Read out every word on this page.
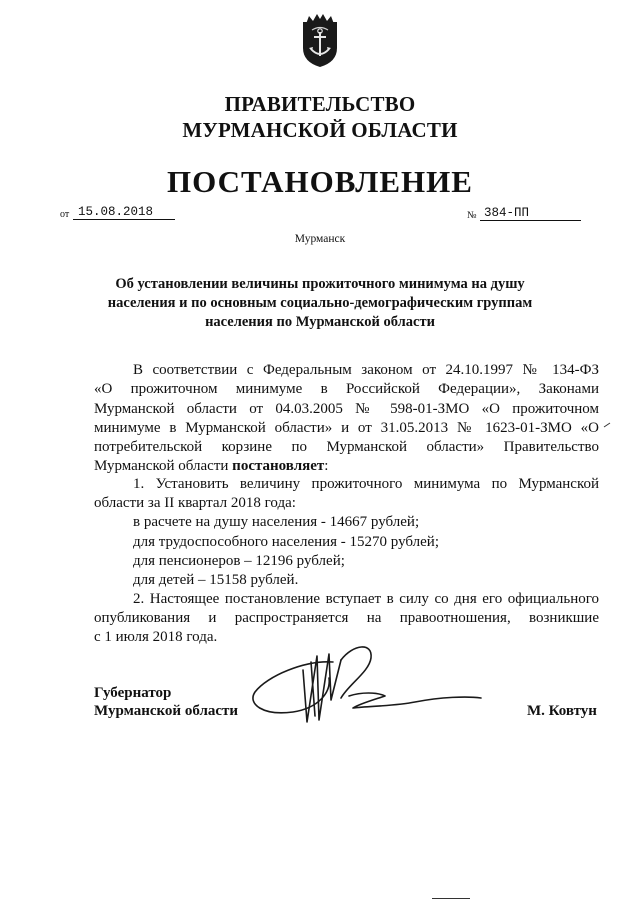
ПРАВИТЕЛЬСТВО
МУРМАНСКОЙ ОБЛАСТИ
ПОСТАНОВЛЕНИЕ
от 15.08.2018	№ 384-ПП
Мурманск
Об установлении величины прожиточного минимума на душу
населения и по основным социально-демографическим группам
населения по Мурманской области
В соответствии с Федеральным законом от 24.10.1997 № 134-ФЗ
«О прожиточном минимуме в Российской Федерации», Законами
Мурманской области от 04.03.2005 № 598-01-ЗМО «О прожиточном
минимуме в Мурманской области» и от 31.05.2013 № 1623-01-ЗМО «О
потребительской корзине по Мурманской области» Правительство
Мурманской области постановляет:
1. Установить величину прожиточного минимума по Мурманской
области за II квартал 2018 года:
в расчете на душу населения - 14667 рублей;
для трудоспособного населения - 15270 рублей;
для пенсионеров – 12196 рублей;
для детей – 15158 рублей.
2. Настоящее постановление вступает в силу со дня его официального
опубликования и распространяется на правоотношения, возникшие
с 1 июля 2018 года.
Губернатор
Мурманской области	М. Ковтун
